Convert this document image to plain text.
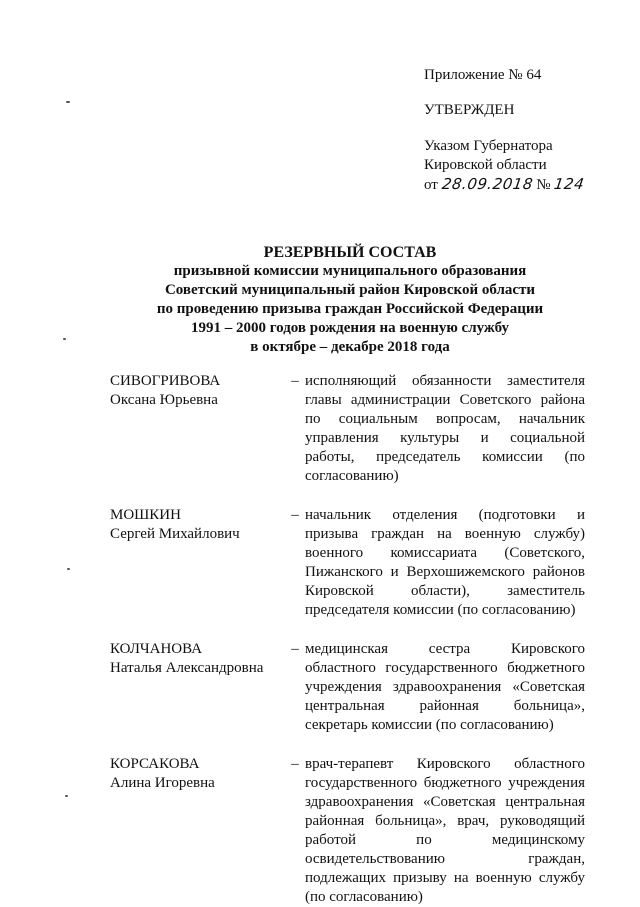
Приложение № 64
УТВЕРЖДЕН
Указом Губернатора
Кировской области
от 28.09.2018 № 124
РЕЗЕРВНЫЙ СОСТАВ
призывной комиссии муниципального образования
Советский муниципальный район Кировской области
по проведению призыва граждан Российской Федерации
1991 – 2000 годов рождения на военную службу
в октябре – декабре 2018 года
СИВОГРИВОВА
Оксана Юрьевна
– исполняющий обязанности заместителя главы администрации Советского района по социальным вопросам, начальник управления культуры и социальной работы, председатель комиссии (по согласованию)
МОШКИН
Сергей Михайлович
– начальник отделения (подготовки и призыва граждан на военную службу) военного комиссариата (Советского, Пижанского и Верхошижемского районов Кировской области), заместитель председателя комиссии (по согласованию)
КОЛЧАНОВА
Наталья Александровна
– медицинская сестра Кировского областного государственного бюджетного учреждения здравоохранения «Советская центральная районная больница», секретарь комиссии (по согласованию)
КОРСАКОВА
Алина Игоревна
– врач-терапевт Кировского областного государственного бюджетного учреждения здравоохранения «Советская центральная районная больница», врач, руководящий работой по медицинскому освидетельствованию граждан, подлежащих призыву на военную службу (по согласованию)
